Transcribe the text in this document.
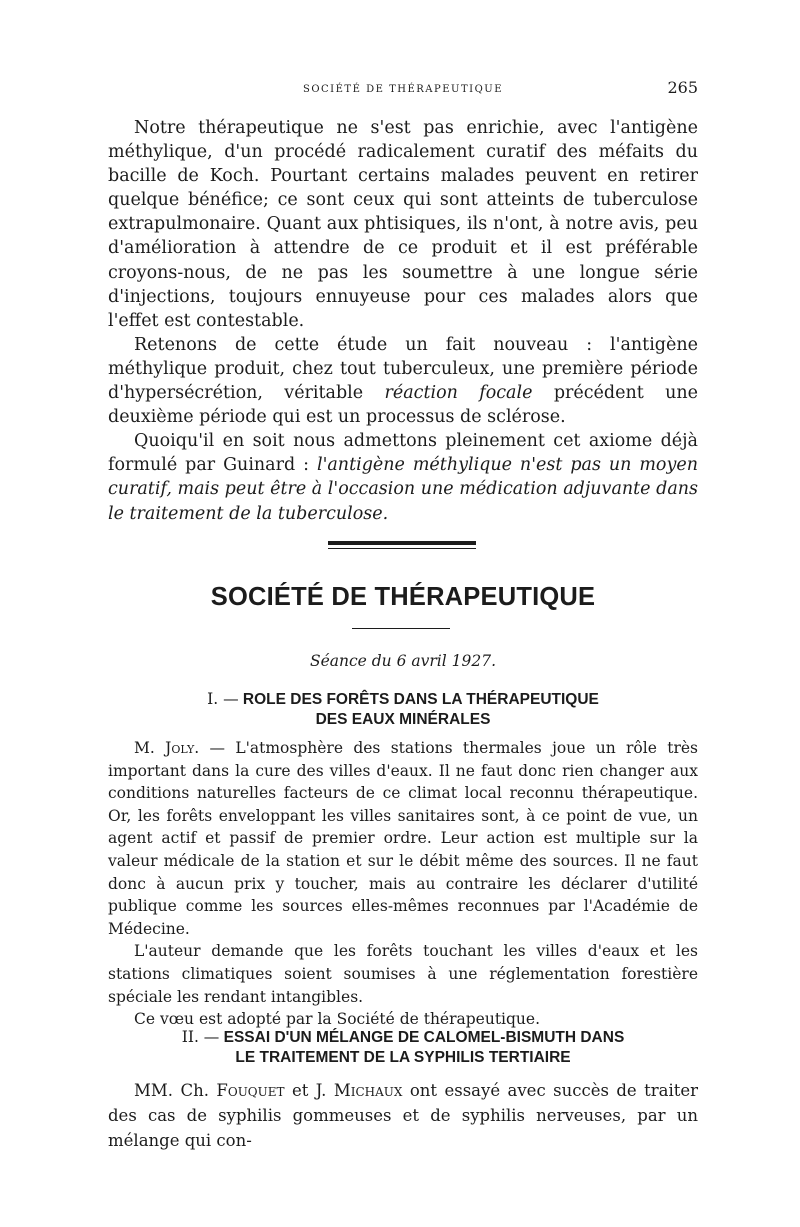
SOCIÉTÉ DE THÉRAPEUTIQUE	265

Notre thérapeutique ne s'est pas enrichie, avec l'antigène méthylique, d'un procédé radicalement curatif des méfaits du bacille de Koch. Pourtant certains malades peuvent en retirer quelque bénéfice; ce sont ceux qui sont atteints de tuberculose extrapulmonaire. Quant aux phtisiques, ils n'ont, à notre avis, peu d'amélioration à attendre de ce produit et il est préférable croyons-nous, de ne pas les soumettre à une longue série d'injections, toujours ennuyeuse pour ces malades alors que l'effet est contestable.

Retenons de cette étude un fait nouveau : l'antigène méthylique produit, chez tout tuberculeux, une première période d'hypersécrétion, véritable réaction focale précédent une deuxième période qui est un processus de sclérose.

Quoiqu'il en soit nous admettons pleinement cet axiome déjà formulé par Guinard : l'antigène méthylique n'est pas un moyen curatif, mais peut être à l'occasion une médication adjuvante dans le traitement de la tuberculose.

SOCIÉTÉ DE THÉRAPEUTIQUE
Séance du 6 avril 1927.
I. — ROLE DES FORÊTS DANS LA THÉRAPEUTIQUE
DES EAUX MINÉRALES

M. Joly. — L'atmosphère des stations thermales joue un rôle très important dans la cure des villes d'eaux. Il ne faut donc rien changer aux conditions naturelles facteurs de ce climat local reconnu thérapeutique. Or, les forêts enveloppant les villes sanitaires sont, à ce point de vue, un agent actif et passif de premier ordre. Leur action est multiple sur la valeur médicale de la station et sur le débit même des sources. Il ne faut donc à aucun prix y toucher, mais au contraire les déclarer d'utilité publique comme les sources elles-mêmes reconnues par l'Académie de Médecine.

L'auteur demande que les forêts touchant les villes d'eaux et les stations climatiques soient soumises à une réglementation forestière spéciale les rendant intangibles.

Ce vœu est adopté par la Société de thérapeutique.

II. — ESSAI D'UN MÉLANGE DE CALOMEL-BISMUTH DANS
LE TRAITEMENT DE LA SYPHILIS TERTIAIRE

MM. Ch. Fouquet et J. Michaux ont essayé avec succès de traiter des cas de syphilis gommeuses et de syphilis nerveuses, par un mélange qui con-
